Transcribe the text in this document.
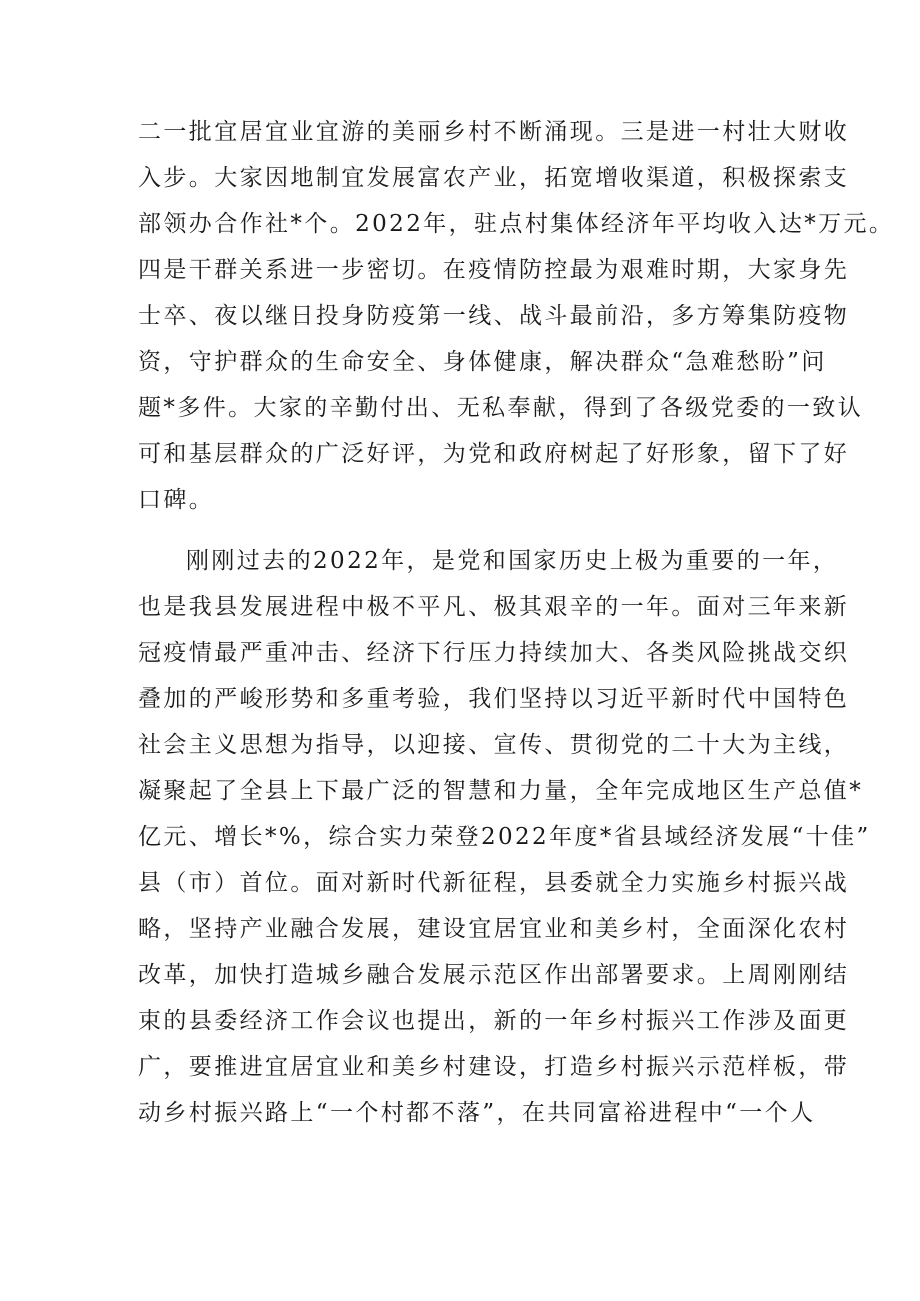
二一批宜居宜业宜游的美丽乡村不断涌现。三是进一村壮大财收
入步。大家因地制宜发展富农产业，拓宽增收渠道，积极探索支
部领办合作社*个。2022年，驻点村集体经济年平均收入达*万元。
四是干群关系进一步密切。在疫情防控最为艰难时期，大家身先
士卒、夜以继日投身防疫第一线、战斗最前沿，多方筹集防疫物
资，守护群众的生命安全、身体健康，解决群众“急难愁盼”问
题*多件。大家的辛勤付出、无私奉献，得到了各级党委的一致认
可和基层群众的广泛好评，为党和政府树起了好形象，留下了好
口碑。
刚刚过去的2022年，是党和国家历史上极为重要的一年，
也是我县发展进程中极不平凡、极其艰辛的一年。面对三年来新
冠疫情最严重冲击、经济下行压力持续加大、各类风险挑战交织
叠加的严峻形势和多重考验，我们坚持以习近平新时代中国特色
社会主义思想为指导，以迎接、宣传、贯彻党的二十大为主线，
凝聚起了全县上下最广泛的智慧和力量，全年完成地区生产总值*
亿元、增长*%，综合实力荣登2022年度*省县域经济发展“十佳”
县（市）首位。面对新时代新征程，县委就全力实施乡村振兴战
略，坚持产业融合发展，建设宜居宜业和美乡村，全面深化农村
改革，加快打造城乡融合发展示范区作出部署要求。上周刚刚结
束的县委经济工作会议也提出，新的一年乡村振兴工作涉及面更
广，要推进宜居宜业和美乡村建设，打造乡村振兴示范样板，带
动乡村振兴路上“一个村都不落”，在共同富裕进程中“一个人
